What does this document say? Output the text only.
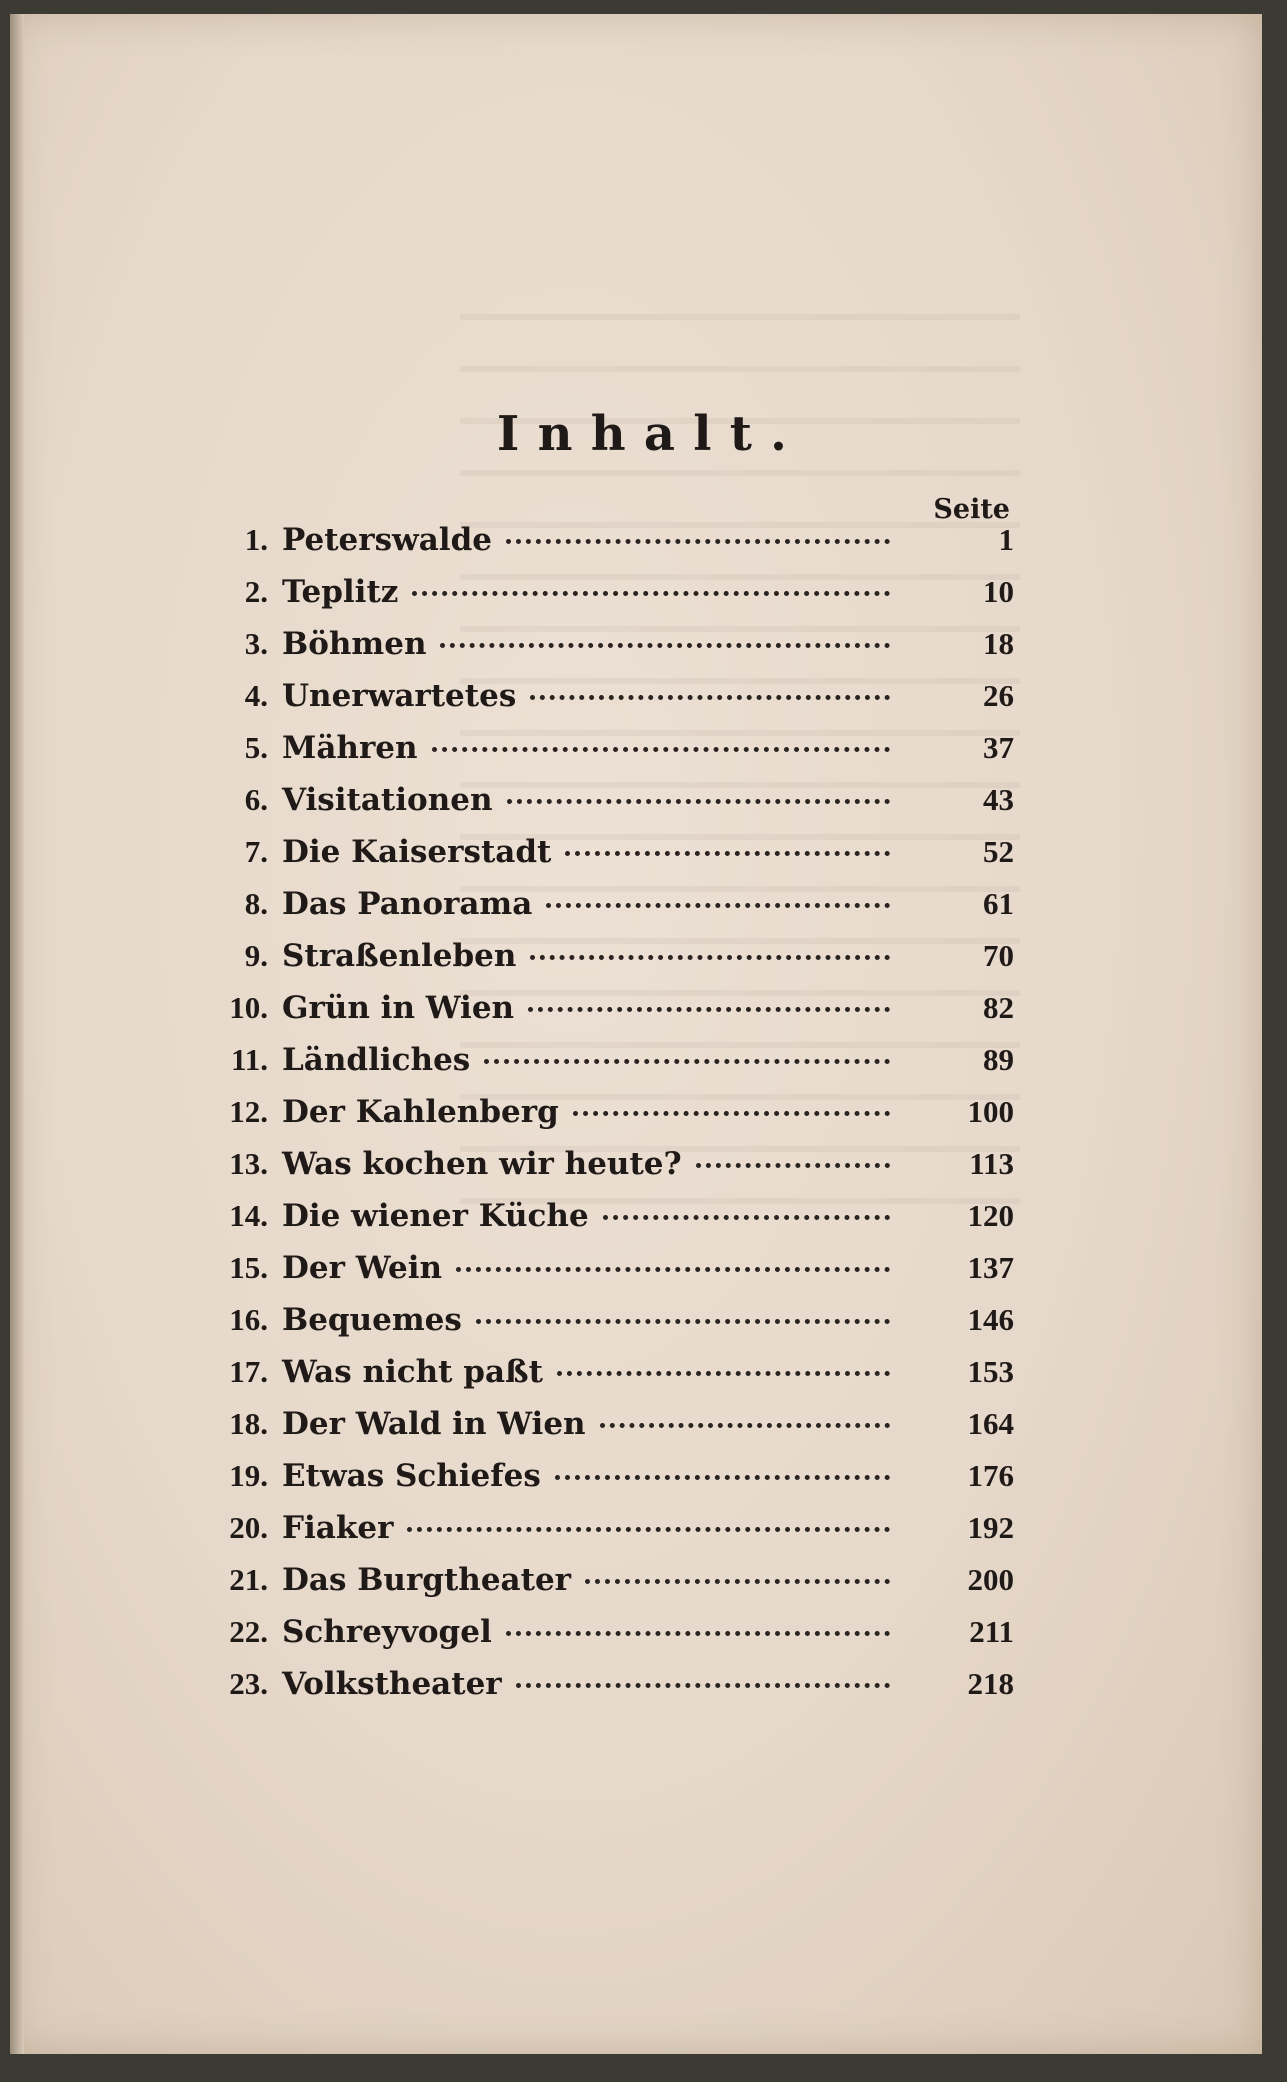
Inhalt.
Seite
1. Peterswalde	1
2. Teplitz	10
3. Böhmen	18
4. Unerwartetes	26
5. Mähren	37
6. Visitationen	43
7. Die Kaiserstadt	52
8. Das Panorama	61
9. Straßenleben	70
10. Grün in Wien	82
11. Ländliches	89
12. Der Kahlenberg	100
13. Was kochen wir heute?	113
14. Die wiener Küche	120
15. Der Wein	137
16. Bequemes	146
17. Was nicht paßt	153
18. Der Wald in Wien	164
19. Etwas Schiefes	176
20. Fiaker	192
21. Das Burgtheater	200
22. Schreyvogel	211
23. Volkstheater	218
